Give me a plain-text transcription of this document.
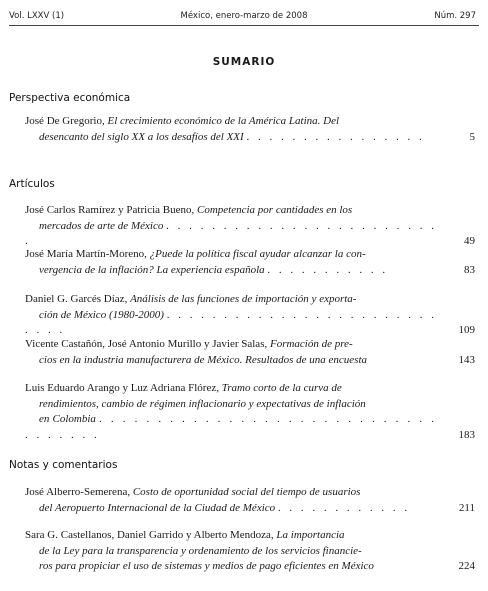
Vol. LXXV (1)	México, enero-marzo de 2008	Núm. 297
SUMARIO
Perspectiva económica
José De Gregorio, El crecimiento económico de la América Latina. Del
desencanto del siglo XX a los desafíos del XXI . . . . . . . . . . . . . . . .	5
Artículos
José Carlos Ramírez y Patricia Bueno, Competencia por cantidades en los
mercados de arte de México . . . . . . . . . . . . . . . . . . . . . . . . .	49
José María Martín-Moreno, ¿Puede la política fiscal ayudar alcanzar la con-
vergencia de la inflación? La experiencia española . . . . . . . . . . .	83
Daniel G. Garcés Díaz, Análisis de las funciones de importación y exporta-
ción de México (1980-2000) . . . . . . . . . . . . . . . . . . . . . . . . . . . .	109
Vicente Castañón, José Antonio Murillo y Javier Salas, Formación de pre-
cios en la industria manufacturera de México. Resultados de una encuesta	143
Luis Eduardo Arango y Luz Adriana Flórez, Tramo corto de la curva de
rendimientos, cambio de régimen inflacionario y expectativas de inflación
en Colombia . . . . . . . . . . . . . . . . . . . . . . . . . . . . . . . . . . . .	183
Notas y comentarios
José Alberro-Semerena, Costo de oportunidad social del tiempo de usuarios
del Aeropuerto Internacional de la Ciudad de México . . . . . . . . . . . .	211
Sara G. Castellanos, Daniel Garrido y Alberto Mendoza, La importancia
de la Ley para la transparencia y ordenamiento de los servicios financie-
ros para propiciar el uso de sistemas y medios de pago eficientes en México	224
